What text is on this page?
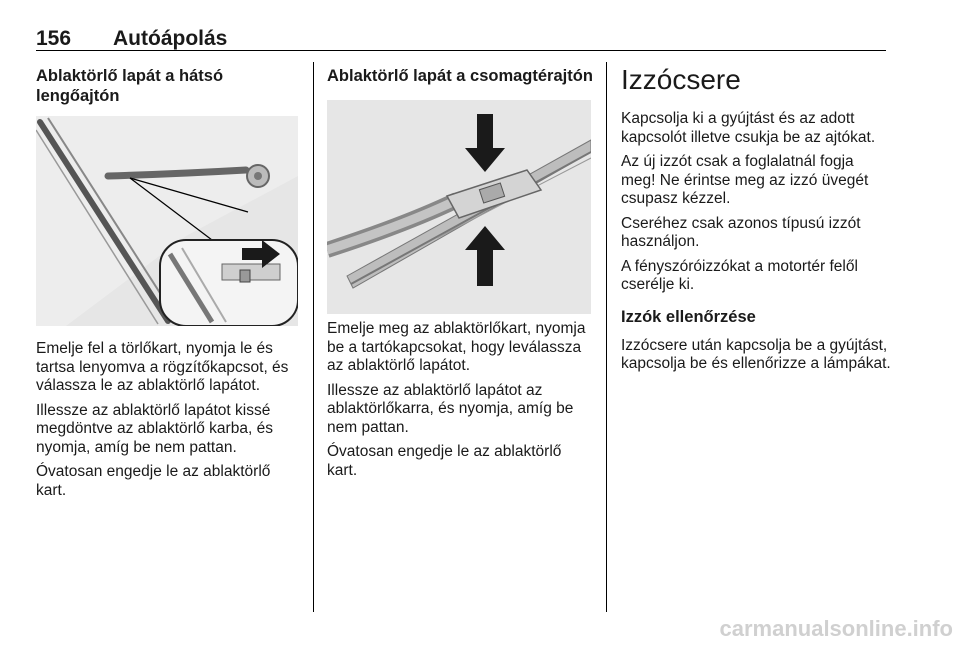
156 Autóápolás
Ablaktörlő lapát a hátsó lengőajtón

Emelje fel a törlőkart, nyomja le és tartsa lenyomva a rögzítőkapcsot, és válassza le az ablaktörlő lapátot.

Illessze az ablaktörlő lapátot kissé megdöntve az ablaktörlő karba, és nyomja, amíg be nem pattan.

Óvatosan engedje le az ablaktörlő kart.

Ablaktörlő lapát a csomagtérajtón

Emelje meg az ablaktörlőkart, nyomja be a tartókapcsokat, hogy leválassza az ablaktörlő lapátot.

Illessze az ablaktörlő lapátot az ablaktörlőkarra, és nyomja, amíg be nem pattan.

Óvatosan engedje le az ablaktörlő kart.

Izzócsere

Kapcsolja ki a gyújtást és az adott kapcsolót illetve csukja be az ajtókat.

Az új izzót csak a foglalatnál fogja meg! Ne érintse meg az izzó üvegét csupasz kézzel.

Cseréhez csak azonos típusú izzót használjon.

A fényszóróizzókat a motortér felől cserélje ki.

Izzók ellenőrzése

Izzócsere után kapcsolja be a gyújtást, kapcsolja be és ellenőrizze a lámpákat.

carmanualsonline.info
